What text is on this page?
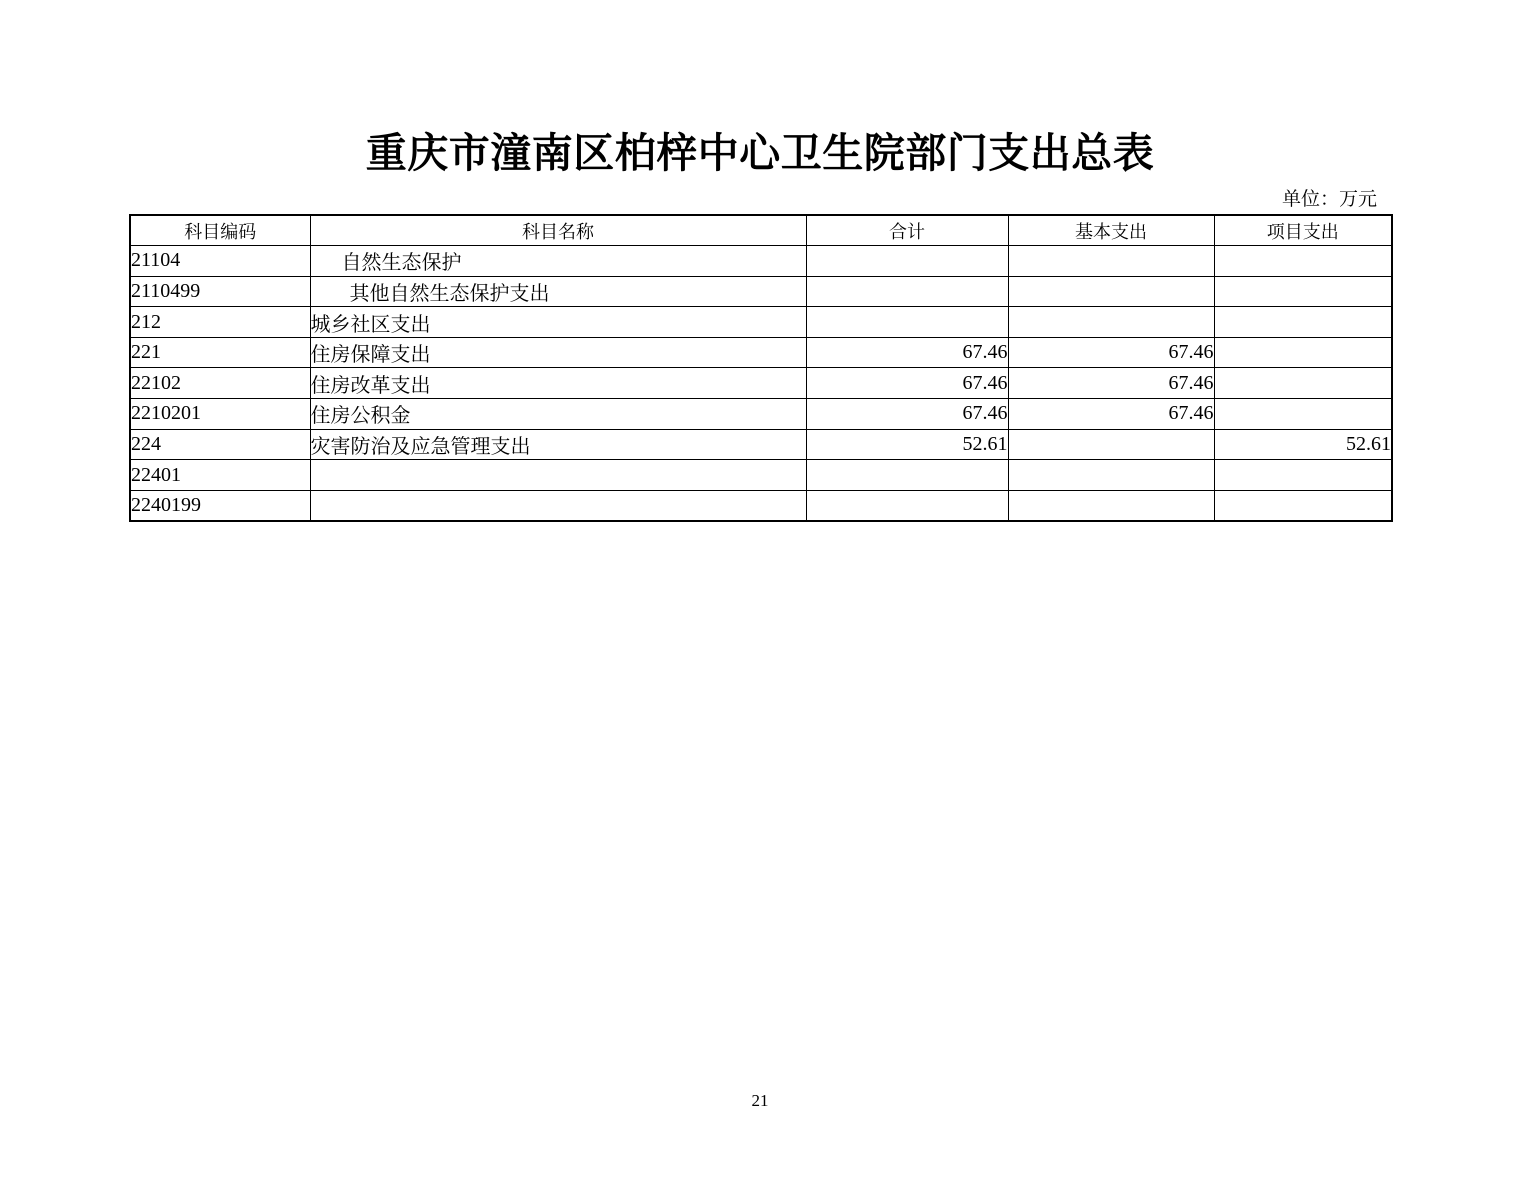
重庆市潼南区柏梓中心卫生院部门支出总表
单位：万元
科目编码	科目名称	合计	基本支出	项目支出
21104	自然生态保护			
2110499	其他自然生态保护支出			
212	城乡社区支出			
221	住房保障支出	67.46	67.46	
22102	住房改革支出	67.46	67.46	
2210201	住房公积金	67.46	67.46	
224	灾害防治及应急管理支出	52.61		52.61
22401				
2240199				
21
